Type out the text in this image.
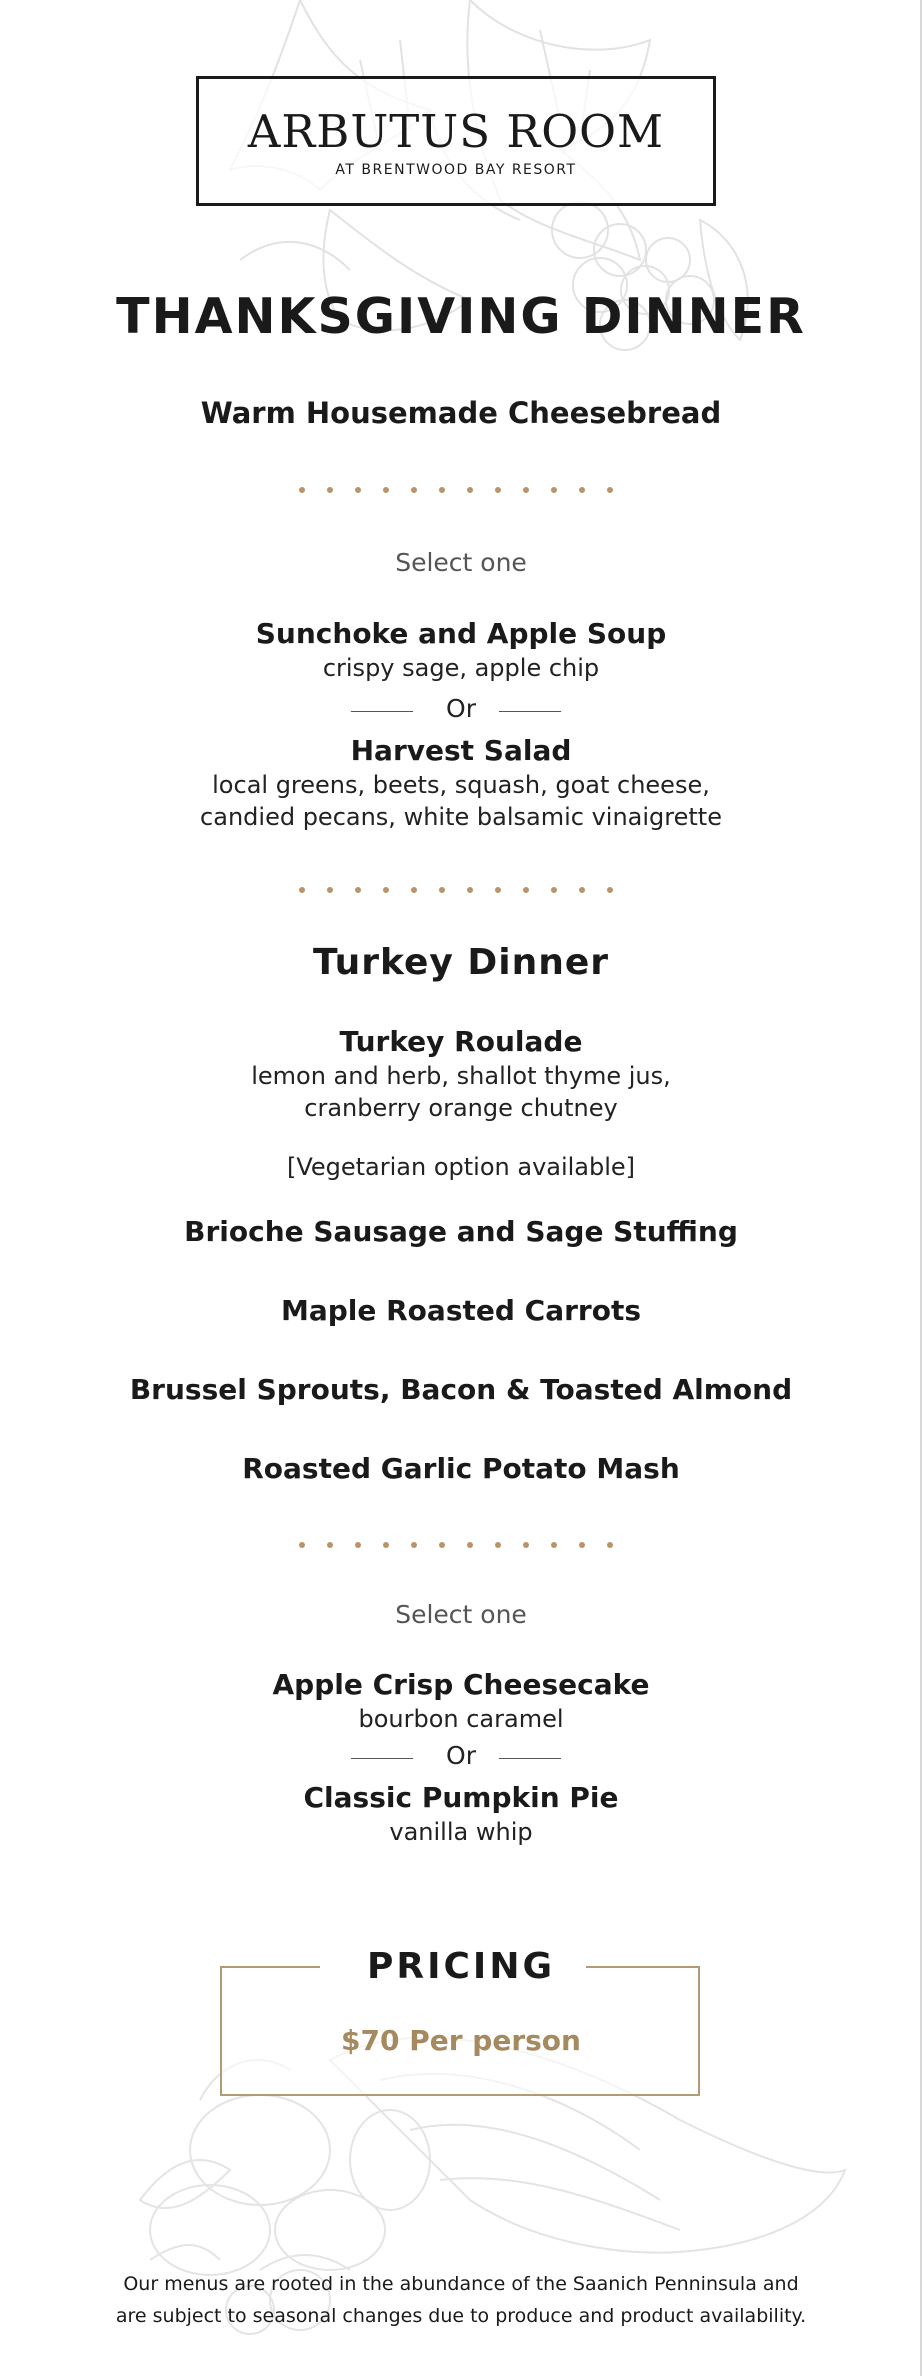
ARBUTUS ROOM
AT BRENTWOOD BAY RESORT
THANKSGIVING DINNER
Warm Housemade Cheesebread
Select one
Sunchoke and Apple Soup
crispy sage, apple chip
Or
Harvest Salad
local greens, beets, squash, goat cheese,
candied pecans, white balsamic vinaigrette
Turkey Dinner
Turkey Roulade
lemon and herb, shallot thyme jus,
cranberry orange chutney
[Vegetarian option available]
Brioche Sausage and Sage Stuffing
Maple Roasted Carrots
Brussel Sprouts, Bacon & Toasted Almond
Roasted Garlic Potato Mash
Select one
Apple Crisp Cheesecake
bourbon caramel
Or
Classic Pumpkin Pie
vanilla whip
PRICING
$70 Per person
Our menus are rooted in the abundance of the Saanich Penninsula and
are subject to seasonal changes due to produce and product availability.
